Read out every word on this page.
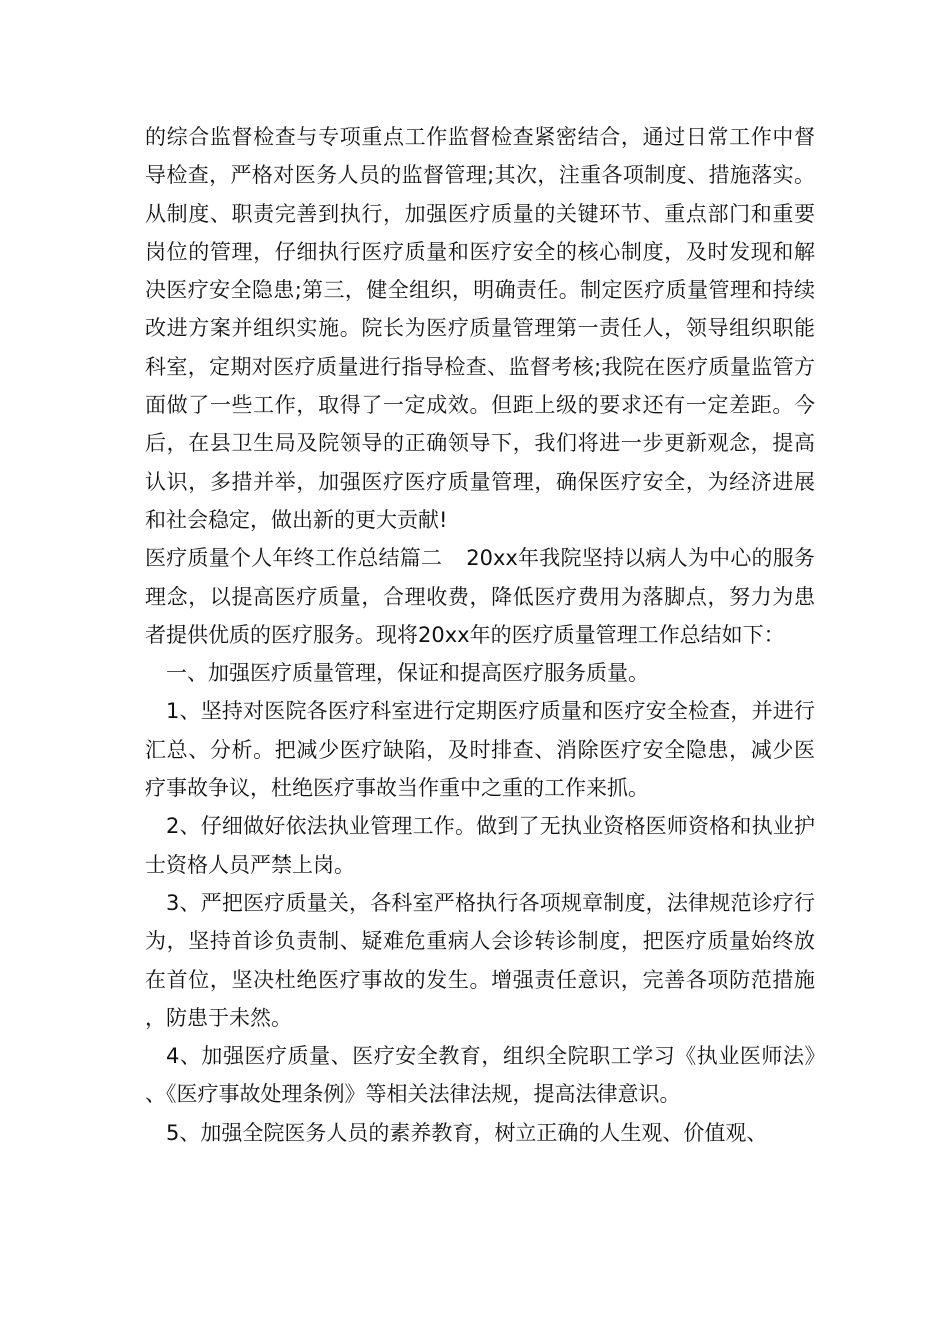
的综合监督检查与专项重点工作监督检查紧密结合，通过日常工作中督导检查，严格对医务人员的监督管理;其次，注重各项制度、措施落实。从制度、职责完善到执行，加强医疗质量的关键环节、重点部门和重要岗位的管理，仔细执行医疗质量和医疗安全的核心制度，及时发现和解决医疗安全隐患;第三，健全组织，明确责任。制定医疗质量管理和持续改进方案并组织实施。院长为医疗质量管理第一责任人，领导组织职能科室，定期对医疗质量进行指导检查、监督考核;我院在医疗质量监管方面做了一些工作，取得了一定成效。但距上级的要求还有一定差距。今后，在县卫生局及院领导的正确领导下，我们将进一步更新观念，提高认识，多措并举，加强医疗医疗质量管理，确保医疗安全，为经济进展和社会稳定，做出新的更大贡献!

医疗质量个人年终工作总结篇二 20xx年我院坚持以病人为中心的服务理念，以提高医疗质量，合理收费，降低医疗费用为落脚点，努力为患者提供优质的医疗服务。现将20xx年的医疗质量管理工作总结如下：

一、加强医疗质量管理，保证和提高医疗服务质量。

1、坚持对医院各医疗科室进行定期医疗质量和医疗安全检查，并进行汇总、分析。把减少医疗缺陷，及时排查、消除医疗安全隐患，减少医疗事故争议，杜绝医疗事故当作重中之重的工作来抓。

2、仔细做好依法执业管理工作。做到了无执业资格医师资格和执业护士资格人员严禁上岗。

3、严把医疗质量关，各科室严格执行各项规章制度，法律规范诊疗行为，坚持首诊负责制、疑难危重病人会诊转诊制度，把医疗质量始终放在首位，坚决杜绝医疗事故的发生。增强责任意识，完善各项防范措施，防患于未然。

4、加强医疗质量、医疗安全教育，组织全院职工学习《执业医师法》、《医疗事故处理条例》等相关法律法规，提高法律意识。

5、加强全院医务人员的素养教育，树立正确的人生观、价值观、
